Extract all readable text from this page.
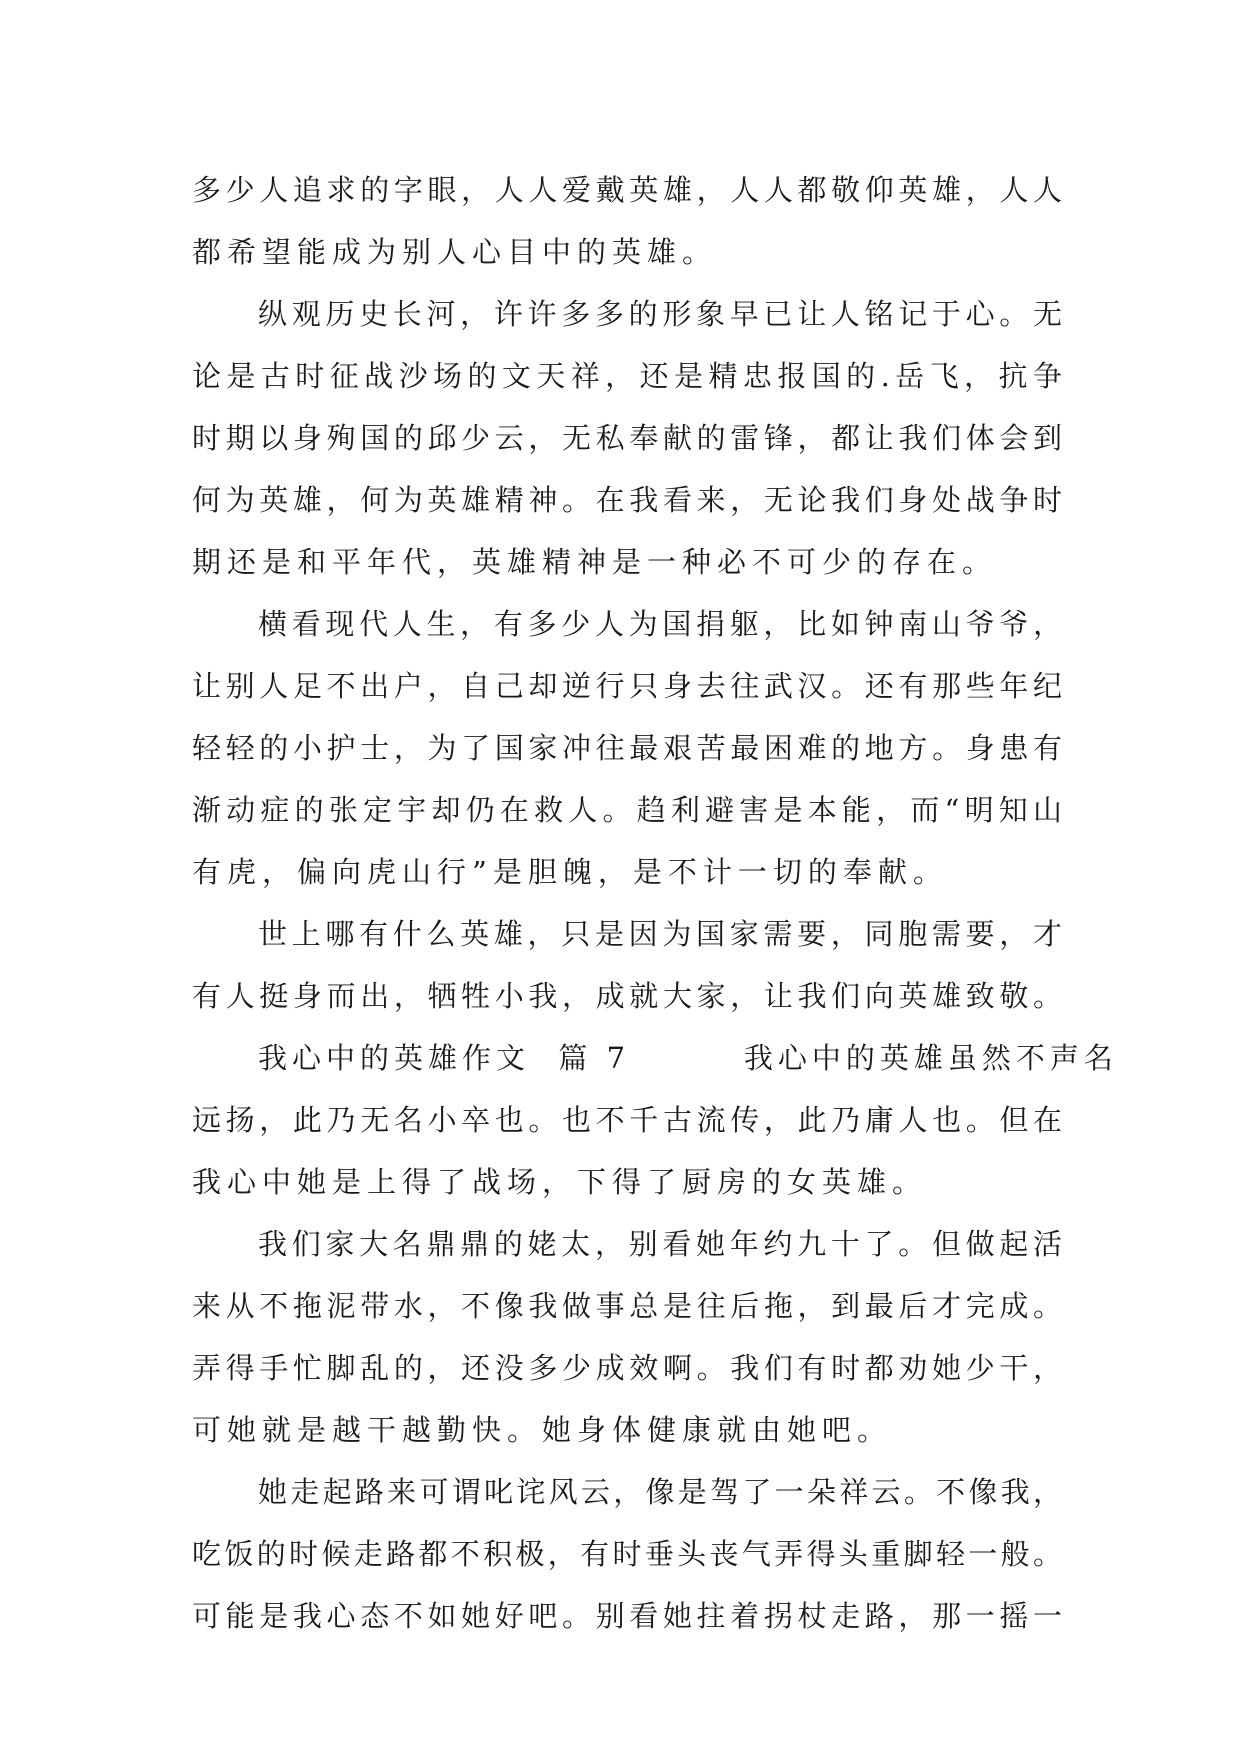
多少人追求的字眼，人人爱戴英雄，人人都敬仰英雄，人人
都希望能成为别人心目中的英雄。
纵观历史长河，许许多多的形象早已让人铭记于心。无
论是古时征战沙场的文天祥，还是精忠报国的.岳飞，抗争
时期以身殉国的邱少云，无私奉献的雷锋，都让我们体会到
何为英雄，何为英雄精神。在我看来，无论我们身处战争时
期还是和平年代，英雄精神是一种必不可少的存在。
横看现代人生，有多少人为国捐躯，比如钟南山爷爷，
让别人足不出户，自己却逆行只身去往武汉。还有那些年纪
轻轻的小护士，为了国家冲往最艰苦最困难的地方。身患有
渐动症的张定宇却仍在救人。趋利避害是本能，而“明知山
有虎，偏向虎山行”是胆魄，是不计一切的奉献。
世上哪有什么英雄，只是因为国家需要，同胞需要，才
有人挺身而出，牺牲小我，成就大家，让我们向英雄致敬。
我心中的英雄作文  篇 7        我心中的英雄虽然不声名
远扬，此乃无名小卒也。也不千古流传，此乃庸人也。但在
我心中她是上得了战场，下得了厨房的女英雄。
我们家大名鼎鼎的姥太，别看她年约九十了。但做起活
来从不拖泥带水，不像我做事总是往后拖，到最后才完成。
弄得手忙脚乱的，还没多少成效啊。我们有时都劝她少干，
可她就是越干越勤快。她身体健康就由她吧。
她走起路来可谓叱诧风云，像是驾了一朵祥云。不像我，
吃饭的时候走路都不积极，有时垂头丧气弄得头重脚轻一般。
可能是我心态不如她好吧。别看她拄着拐杖走路，那一摇一
